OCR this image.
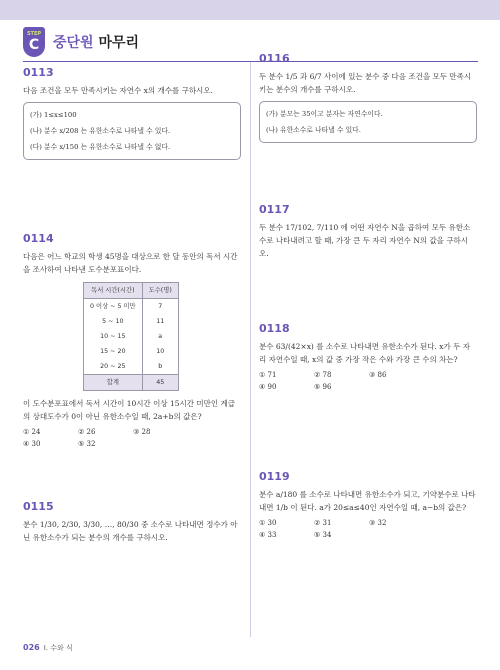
STEP
C 중단원 마무리
0113
다음 조건을 모두 만족시키는 자연수 x의 개수를 구하시오.
(가) 1≤x≤100
(나) 분수 x/208 는 유한소수로 나타낼 수 있다.
(다) 분수 x/150 는 유한소수로 나타낼 수 없다.
0114
다음은 어느 학교의 학생 45명을 대상으로 한 달 동안의 독서 시간을 조사하여 나타낸 도수분포표이다.
독서 시간(시간)	도수(명)
0 이상 ~ 5 미만	7
5 ~ 10	11
10 ~ 15	a
15 ~ 20	10
20 ~ 25	b
합계	45
이 도수분포표에서 독서 시간이 10시간 이상 15시간 미만인 계급의 상대도수가 0이 아닌 유한소수일 때, 2a+b의 값은?
① 24	② 26	③ 28
④ 30	⑤ 32
0115
분수 1/30, 2/30, 3/30, …, 80/30 중 소수로 나타내면 정수가 아닌 유한소수가 되는 분수의 개수를 구하시오.
0116
두 분수 1/5 과 6/7 사이에 있는 분수 중 다음 조건을 모두 만족시키는 분수의 개수를 구하시오.
(가) 분모는 35이고 분자는 자연수이다.
(나) 유한소수로 나타낼 수 있다.
0117
두 분수 17/102, 7/110 에 어떤 자연수 N을 곱하여 모두 유한소수로 나타내려고 할 때, 가장 큰 두 자리 자연수 N의 값을 구하시오.
0118
분수 63/(42×x) 를 소수로 나타내면 유한소수가 된다. x가 두 자리 자연수일 때, x의 값 중 가장 작은 수와 가장 큰 수의 차는?
① 71	② 78	③ 86
④ 90	⑤ 96
0119
분수 a/180 를 소수로 나타내면 유한소수가 되고, 기약분수로 나타내면 1/b 이 된다. a가 20≤a≤40인 자연수일 때, a−b의 값은?
① 30	② 31	③ 32
④ 33	⑤ 34
026 Ⅰ. 수와 식
